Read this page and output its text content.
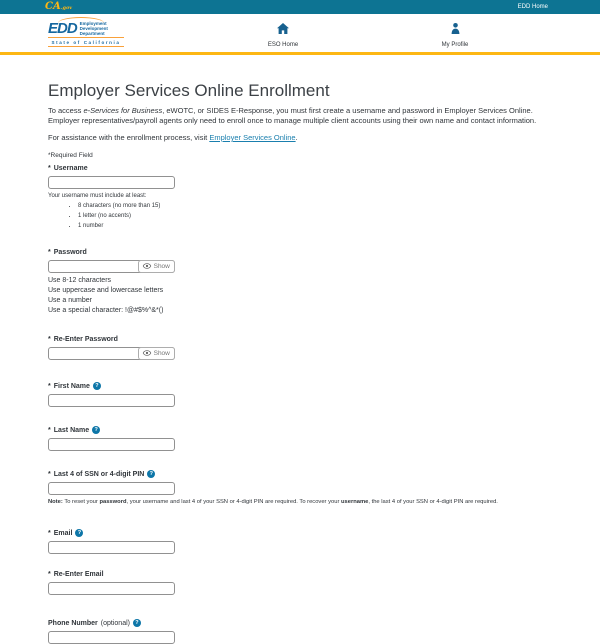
CA.gov	EDD Home
EDD Employment
Development
Department
State of California	ESO Home	My Profile
Employer Services Online Enrollment

To access e-Services for Business, eWOTC, or SIDES E-Response, you must first create a username and password in Employer Services Online. Employer representatives/payroll agents only need to enroll once to manage multiple client accounts using their own name and contact information.

For assistance with the enrollment process, visit Employer Services Online.

*Required Field

* Username
Your username must include at least:
• 8 characters (no more than 15)
• 1 letter (no accents)
• 1 number
* Password
Show
Use 8-12 characters
Use uppercase and lowercase letters
Use a number
Use a special character: !@#$%^&*()
* Re-Enter Password
Show
* First Name ?
* Last Name ?
* Last 4 of SSN or 4-digit PIN ?

Note: To reset your password, your username and last 4 of your SSN or 4-digit PIN are required. To recover your username, the last 4 of your SSN or 4-digit PIN are required.

* Email ?
* Re-Enter Email
Phone Number (optional) ?
